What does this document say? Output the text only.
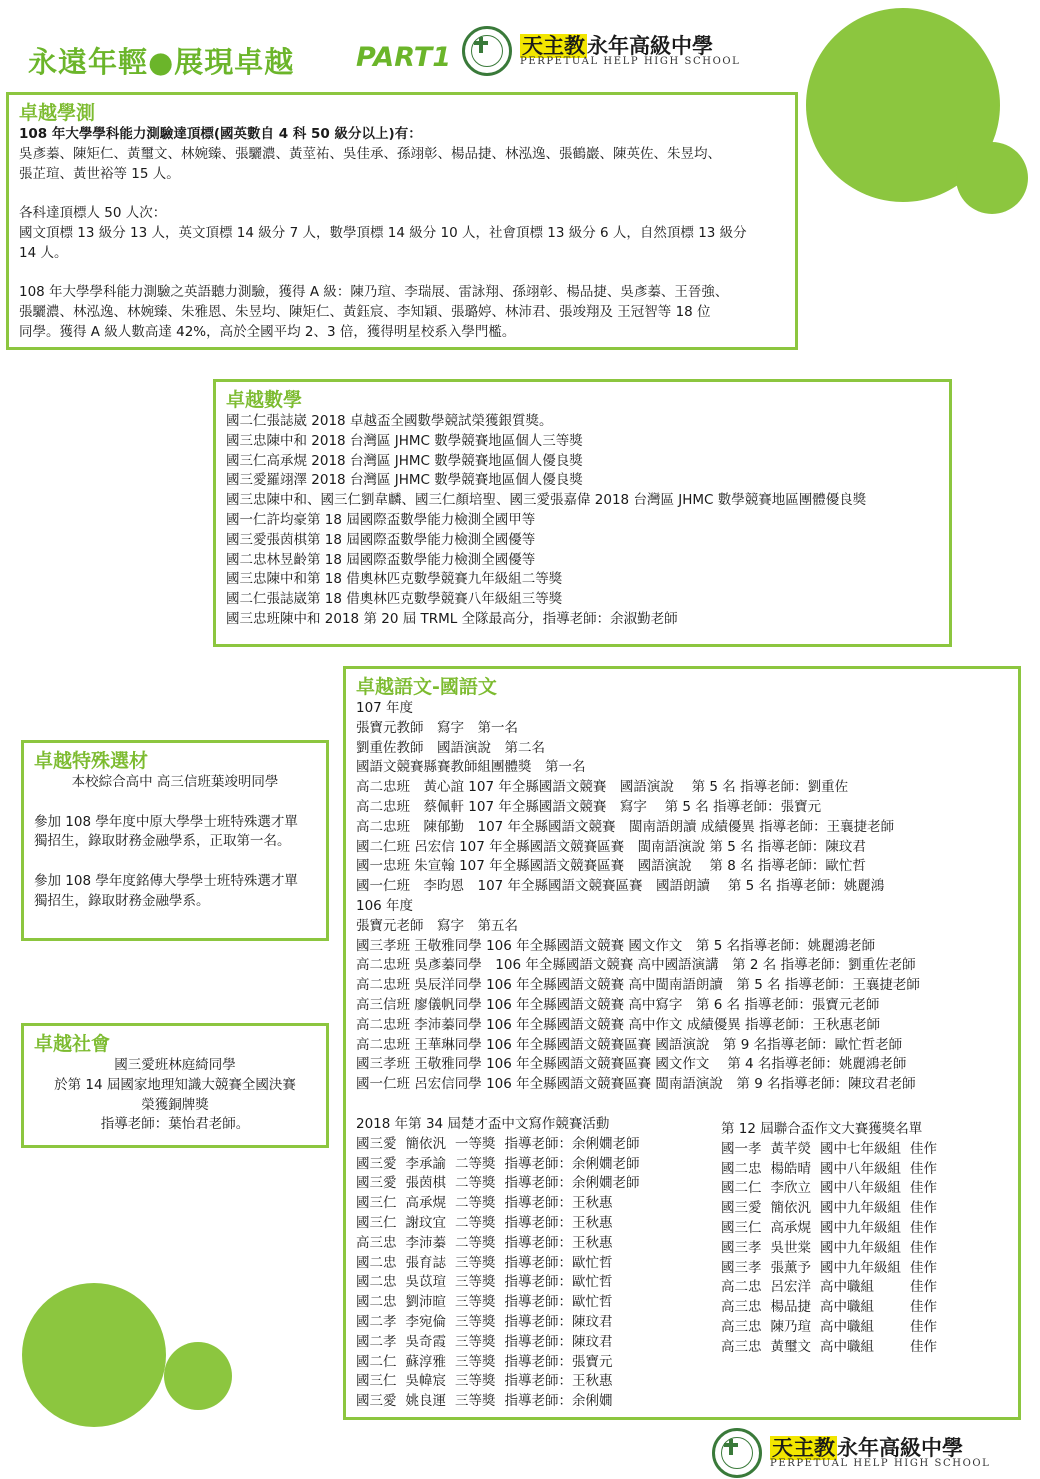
永遠年輕●展現卓越 PART1	天主教永年高級中學
PERPETUAL HELP HIGH SCHOOL
卓越學測
108 年大學學科能力測驗達頂標(國英數自 4 科 50 級分以上)有：
吳彥蓁、陳矩仁、黃璽文、林婉臻、張驪濃、黃莖祐、吳佳承、孫翊彰、楊品捷、林泓逸、張鶴巖、陳英佐、朱昱均、
張芷瑄、黃世裕等 15 人。

各科達頂標人 50 人次：
國文頂標 13 級分 13 人，英文頂標 14 級分 7 人，數學頂標 14 級分 10 人，社會頂標 13 級分 6 人，自然頂標 13 級分
14 人。

108 年大學學科能力測驗之英語聽力測驗，獲得 A 級：陳乃瑄、李瑞展、雷詠翔、孫翊彰、楊品捷、吳彥蓁、王晉強、
張驪濃、林泓逸、林婉臻、朱雅恩、朱昱均、陳矩仁、黃鈺宸、李知穎、張璐婷、林沛君、張竣翔及 王冠智等 18 位
同學。獲得 A 級人數高達 42%，高於全國平均 2、3 倍，獲得明星校系入學門檻。
卓越數學
國二仁張誌崴 2018 卓越盃全國數學競試榮獲銀質獎。
國三忠陳中和 2018 台灣區 JHMC 數學競賽地區個人三等獎
國三仁高承熀 2018 台灣區 JHMC 數學競賽地區個人優良獎
國三愛羅翊澤 2018 台灣區 JHMC 數學競賽地區個人優良獎
國三忠陳中和、國三仁劉韋麟、國三仁顏培聖、國三愛張嘉偉 2018 台灣區 JHMC 數學競賽地區團體優良獎
國一仁許均豪第 18 屆國際盃數學能力檢測全國甲等
國三愛張茵棋第 18 屆國際盃數學能力檢測全國優等
國二忠林昱齡第 18 屆國際盃數學能力檢測全國優等
國三忠陳中和第 18 借奧林匹克數學競賽九年級組二等獎
國二仁張誌崴第 18 借奧林匹克數學競賽八年級組三等獎
國三忠班陳中和 2018 第 20 屆 TRML 全隊最高分，指導老師：余淑勤老師
卓越特殊選材
本校綜合高中 高三信班葉竣明同學

參加 108 學年度中原大學學士班特殊選才單
獨招生，錄取財務金融學系，正取第一名。

參加 108 學年度銘傳大學學士班特殊選才單
獨招生，錄取財務金融學系。
卓越社會
國三愛班林庭綺同學
於第 14 屆國家地理知識大競賽全國決賽
榮獲銅牌獎
指導老師：葉怡君老師。
卓越語文-國語文
107 年度
張寶元教師　寫字　第一名
劉重佐教師　國語演說　第二名
國語文競賽縣賽教師組團體獎　第一名
高二忠班　黃心誼 107 年全縣國語文競賽　國語演說　 第 5 名 指導老師：劉重佐
高二忠班　蔡佩軒 107 年全縣國語文競賽　寫字　 第 5 名 指導老師：張寶元
高二忠班　陳郁勤　107 年全縣國語文競賽　閩南語朗讀 成績優異 指導老師：王襄捷老師
國二仁班 呂宏信 107 年全縣國語文競賽區賽　閩南語演說 第 5 名 指導老師：陳玟君
國一忠班 朱宣翰 107 年全縣國語文競賽區賽　國語演說　 第 8 名 指導老師：歐忙哲
國一仁班　李昀恩　107 年全縣國語文競賽區賽　國語朗讀　 第 5 名 指導老師：姚麗鴻
106 年度
張寶元老師　寫字　第五名
國三孝班 王敬雅同學 106 年全縣國語文競賽 國文作文　第 5 名指導老師：姚麗鴻老師
高二忠班 吳彥蓁同學　106 年全縣國語文競賽 高中國語演講　第 2 名 指導老師：劉重佐老師
高二忠班 吳辰洋同學 106 年全縣國語文競賽 高中閩南語朗讀　第 5 名 指導老師：王襄捷老師
高三信班 廖儀帆同學 106 年全縣國語文競賽 高中寫字　第 6 名 指導老師：張寶元老師
高二忠班 李沛蓁同學 106 年全縣國語文競賽 高中作文 成績優異 指導老師：王秋惠老師
高二忠班 王華琳同學 106 年全縣國語文競賽區賽 國語演說　第 9 名指導老師：歐忙哲老師
國三孝班 王敬雅同學 106 年全縣國語文競賽區賽 國文作文　 第 4 名指導老師：姚麗鴻老師
國一仁班 呂宏信同學 106 年全縣國語文競賽區賽 閩南語演說　第 9 名指導老師：陳玟君老師
2018 年第 34 屆楚才盃中文寫作競賽活動
國三愛	簡依汎	一等獎	指導老師：余俐嫺老師
國三愛	李承諭	二等獎	指導老師：余俐嫺老師
國三愛	張茵棋	二等獎	指導老師：余俐嫺老師
國三仁	高承熀	二等獎	指導老師：王秋惠
國三仁	謝玟宜	二等獎	指導老師：王秋惠
高三忠	李沛蓁	二等獎	指導老師：王秋惠
國二忠	張育誌	三等獎	指導老師：歐忙哲
國二忠	吳苡瑄	三等獎	指導老師：歐忙哲
國二忠	劉沛暄	三等獎	指導老師：歐忙哲
國二孝	李宛倫	三等獎	指導老師：陳玟君
國二孝	吳奇霞	三等獎	指導老師：陳玟君
國二仁	蘇淳雅	三等獎	指導老師：張寶元
國三仁	吳幃宸	三等獎	指導老師：王秋惠
國三愛	姚良運	三等獎	指導老師：余俐嫺
第 12 屆聯合盃作文大賽獲獎名單
國一孝	黃芊熒	國中七年級組	佳作
國二忠	楊皓晴	國中八年級組	佳作
國二仁	李欣立	國中八年級組	佳作
國三愛	簡依汎	國中九年級組	佳作
國三仁	高承熀	國中九年級組	佳作
國三孝	吳世棠	國中九年級組	佳作
國三孝	張薰予	國中九年級組	佳作
高二忠	呂宏洋	高中職組	佳作
高三忠	楊品捷	高中職組	佳作
高三忠	陳乃瑄	高中職組	佳作
高三忠	黃璽文	高中職組	佳作
天主教永年高級中學
PERPETUAL HELP HIGH SCHOOL
